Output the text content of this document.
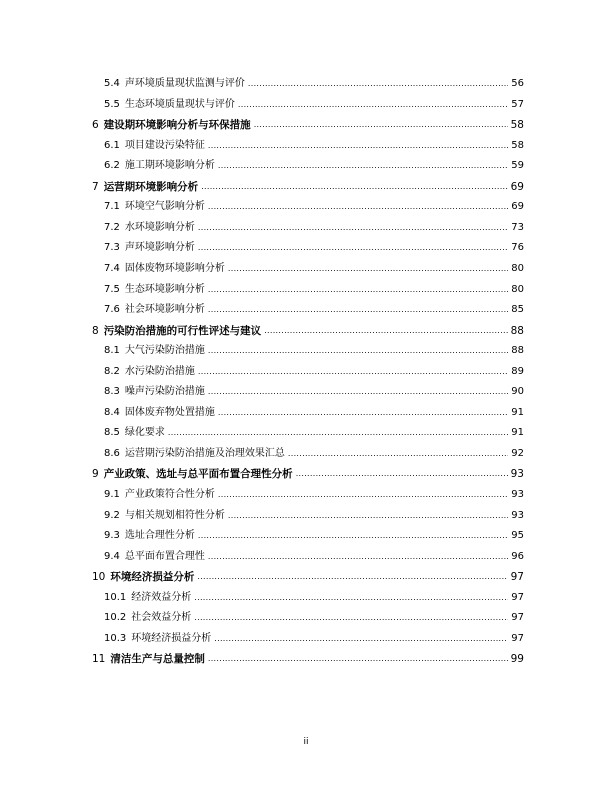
5.4 声环境质量现状监测与评价 .....	56
5.5 生态环境质量现状与评价 .....	57
6 建设期环境影响分析与环保措施 .....	58
6.1 项目建设污染特征 .....	58
6.2 施工期环境影响分析 .....	59
7 运营期环境影响分析 .....	69
7.1 环境空气影响分析 .....	69
7.2 水环境影响分析 .....	73
7.3 声环境影响分析 .....	76
7.4 固体废物环境影响分析 .....	80
7.5 生态环境影响分析 .....	80
7.6 社会环境影响分析 .....	85
8 污染防治措施的可行性评述与建议 .....	88
8.1 大气污染防治措施 .....	88
8.2 水污染防治措施 .....	89
8.3 噪声污染防治措施 .....	90
8.4 固体废弃物处置措施 .....	91
8.5 绿化要求 .....	91
8.6 运营期污染防治措施及治理效果汇总 .....	92
9 产业政策、选址与总平面布置合理性分析 .....	93
9.1 产业政策符合性分析 .....	93
9.2 与相关规划相符性分析 .....	93
9.3 选址合理性分析 .....	95
9.4 总平面布置合理性 .....	96
10 环境经济损益分析 .....	97
10.1 经济效益分析 .....	97
10.2 社会效益分析 .....	97
10.3 环境经济损益分析 .....	97
11 清洁生产与总量控制 .....	99
ii
